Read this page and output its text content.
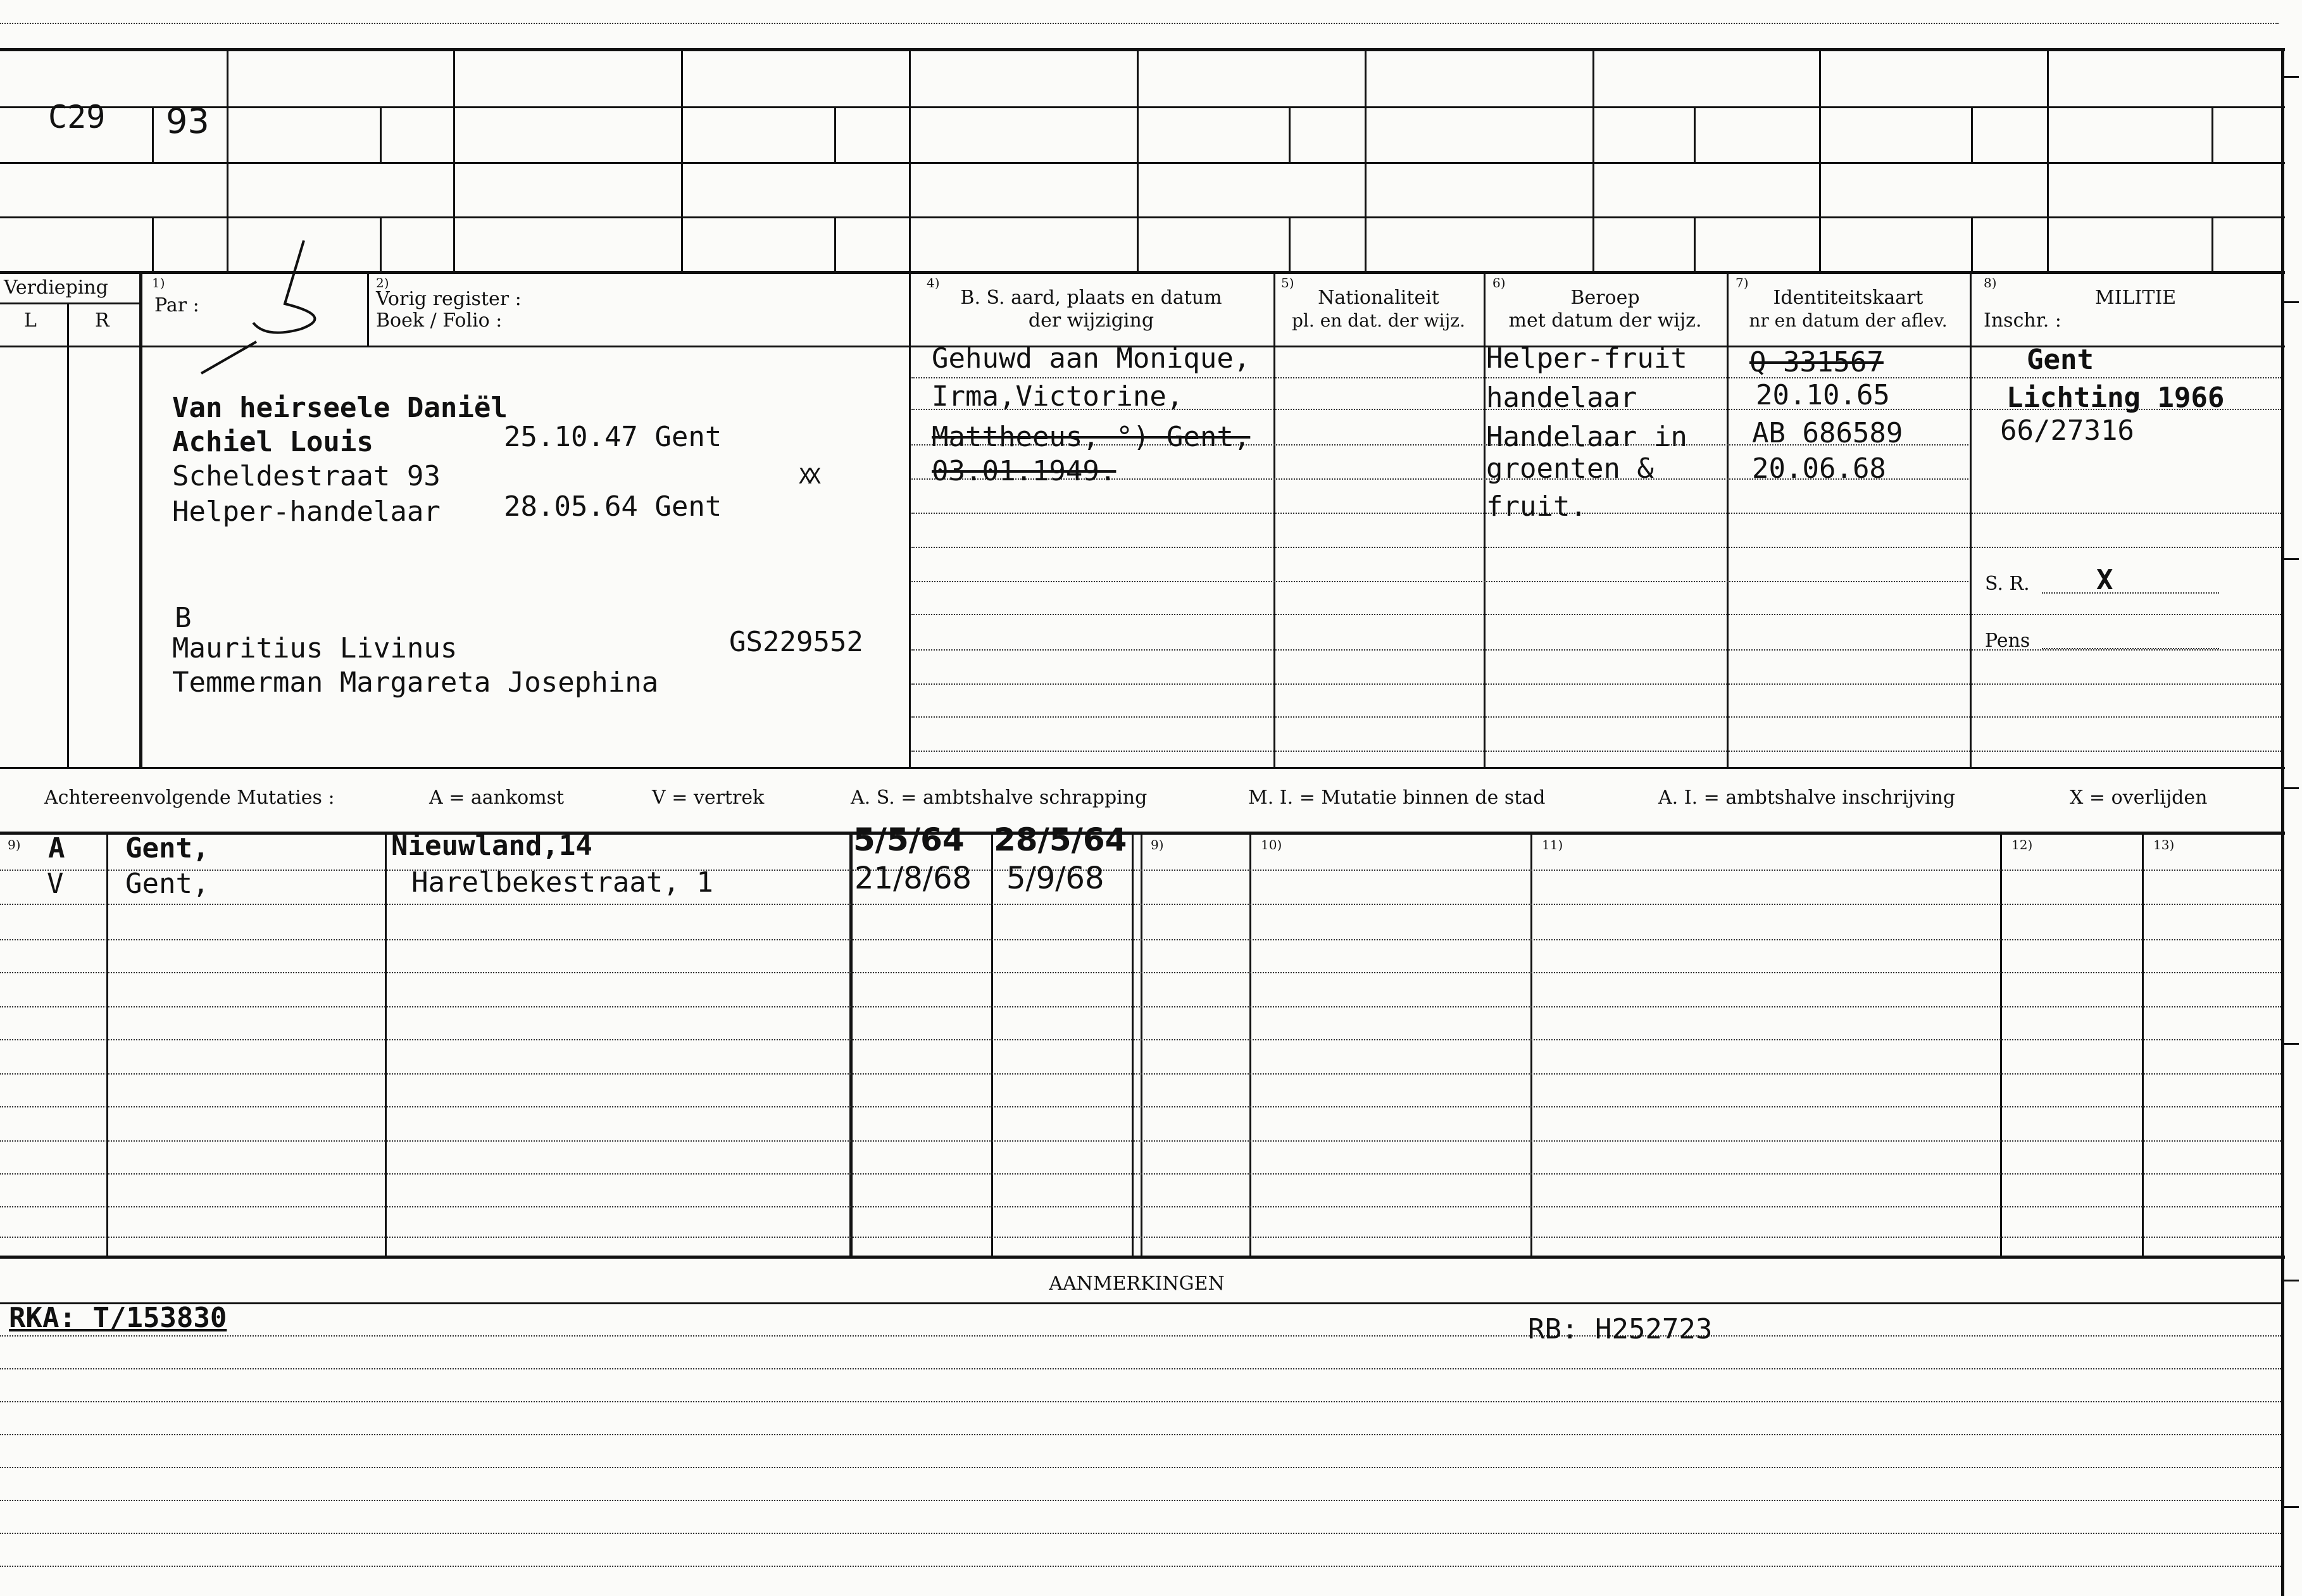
C29 93
Verdieping
L	R
1)
Par :
2)
Vorig register :
Boek / Folio :
4)
B. S. aard, plaats en datum
der wijziging
5)
Nationaliteit
pl. en dat. der wijz.
6)
Beroep
met datum der wijz.
7)
Identiteitskaart
nr en datum der aflev.
8)
MILITIE
Inschr. :
Van heirseele Daniël
Achiel Louis	25.10.47 Gent
Scheldestraat 93	XX
Helper-handelaar 28.05.64 Gent
B
Mauritius Livinus	GS229552
Temmerman Margareta Josephina
Gehuwd aan Monique,
Irma,Victorine,
Mattheeus, °) Gent,
03.01.1949.
Helper-fruit
handelaar
Handelaar in
groenten &
fruit.
Q 331567
20.10.65
AB 686589
20.06.68
Gent
Lichting 1966
66/27316
S. R. X
Pens
Achtereenvolgende Mutaties :	A = aankomst	V = vertrek	A. S. = ambtshalve schrapping	M. I. = Mutatie binnen de stad	A. I. = ambtshalve inschrijving	X = overlijden
9)	9)	10)	11)	12)	13)
A Gent,	Nieuwland,14	5/5/64 28/5/64
V Gent,	Harelbekestraat, 1	21/8/68 5/9/68
AANMERKINGEN
RKA: T/153830	RB: H252723
